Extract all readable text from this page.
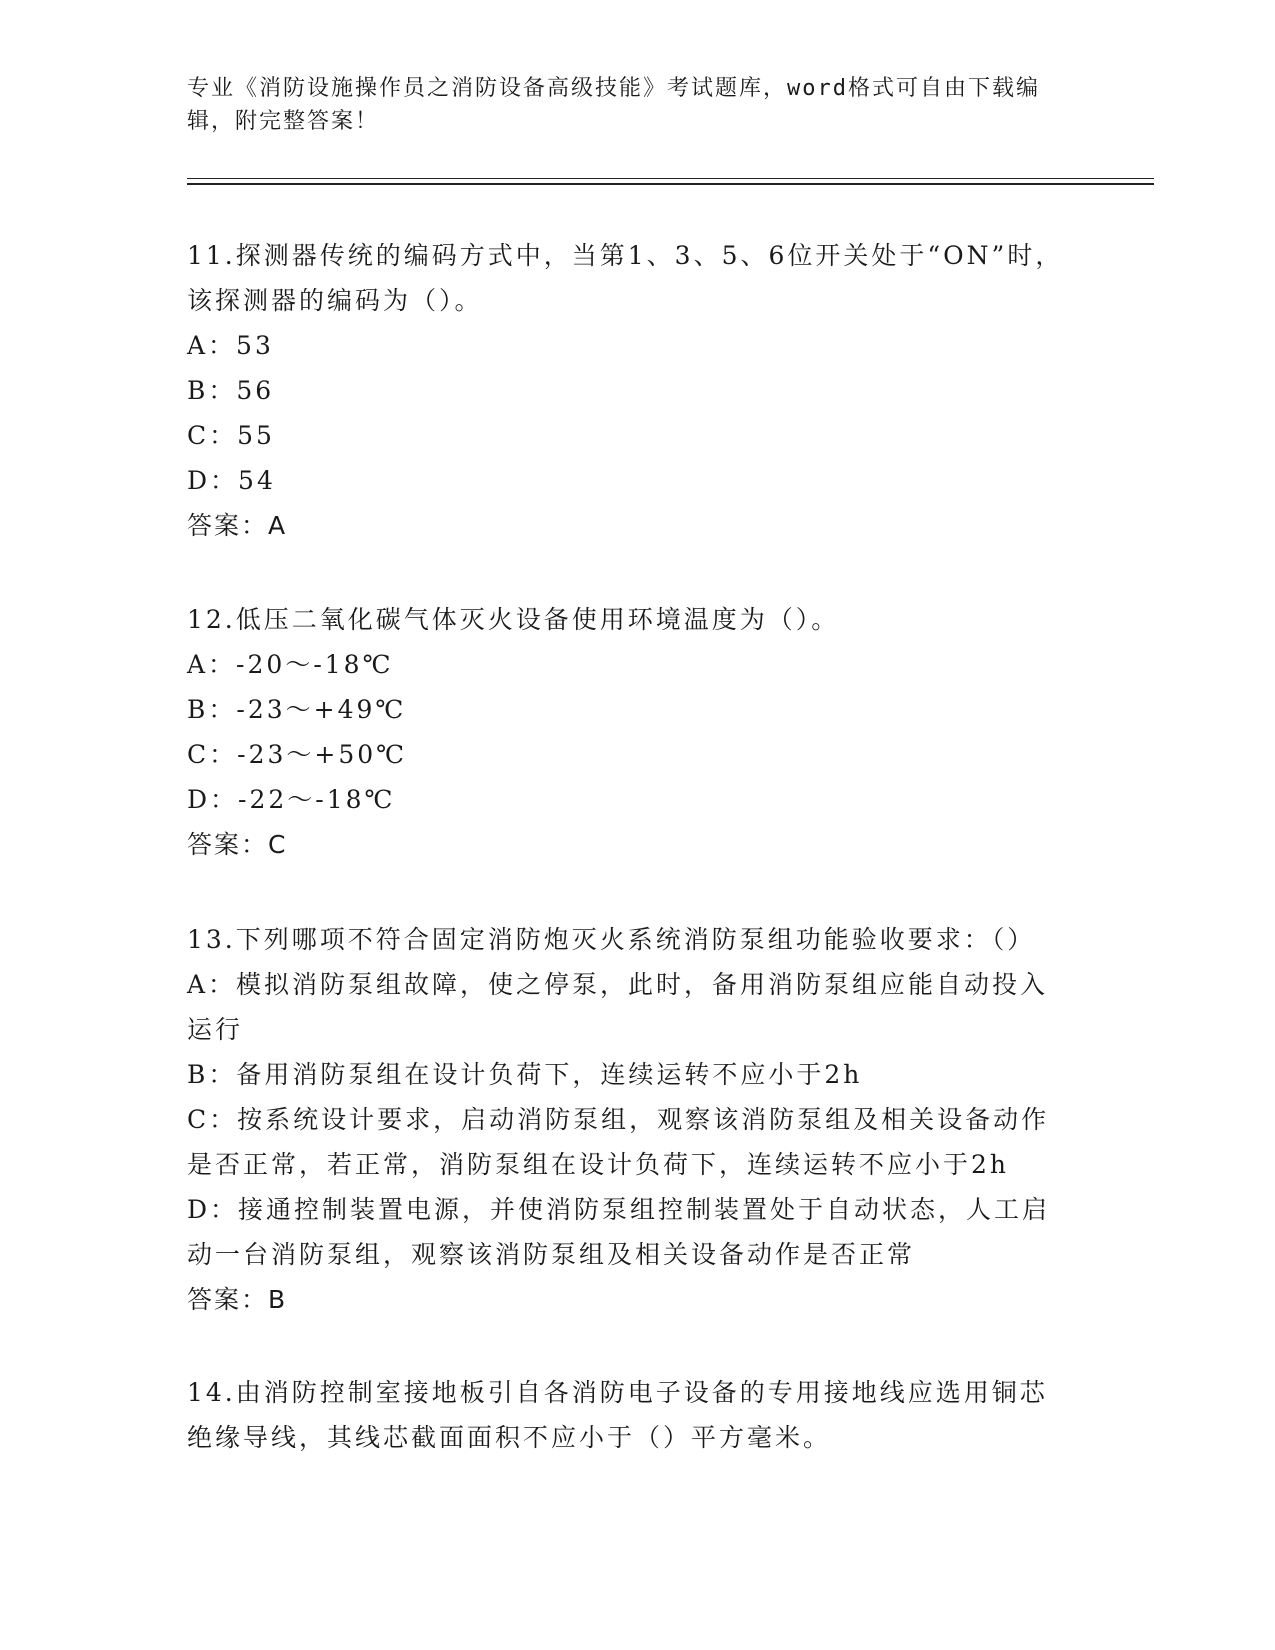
专业《消防设施操作员之消防设备高级技能》考试题库，word格式可自由下载编辑，附完整答案！

11.探测器传统的编码方式中，当第1、3、5、6位开关处于“ON”时，该探测器的编码为（）。

A：53

B：56

C：55

D：54

答案：A

12.低压二氧化碳气体灭火设备使用环境温度为（）。

A：-20～-18℃

B：-23～+49℃

C：-23～+50℃

D：-22～-18℃

答案：C

13.下列哪项不符合固定消防炮灭火系统消防泵组功能验收要求：（）

A：模拟消防泵组故障，使之停泵，此时，备用消防泵组应能自动投入运行

B：备用消防泵组在设计负荷下，连续运转不应小于2h

C：按系统设计要求，启动消防泵组，观察该消防泵组及相关设备动作是否正常，若正常，消防泵组在设计负荷下，连续运转不应小于2h

D：接通控制装置电源，并使消防泵组控制装置处于自动状态，人工启动一台消防泵组，观察该消防泵组及相关设备动作是否正常

答案：B

14.由消防控制室接地板引自各消防电子设备的专用接地线应选用铜芯绝缘导线，其线芯截面面积不应小于（）平方毫米。
